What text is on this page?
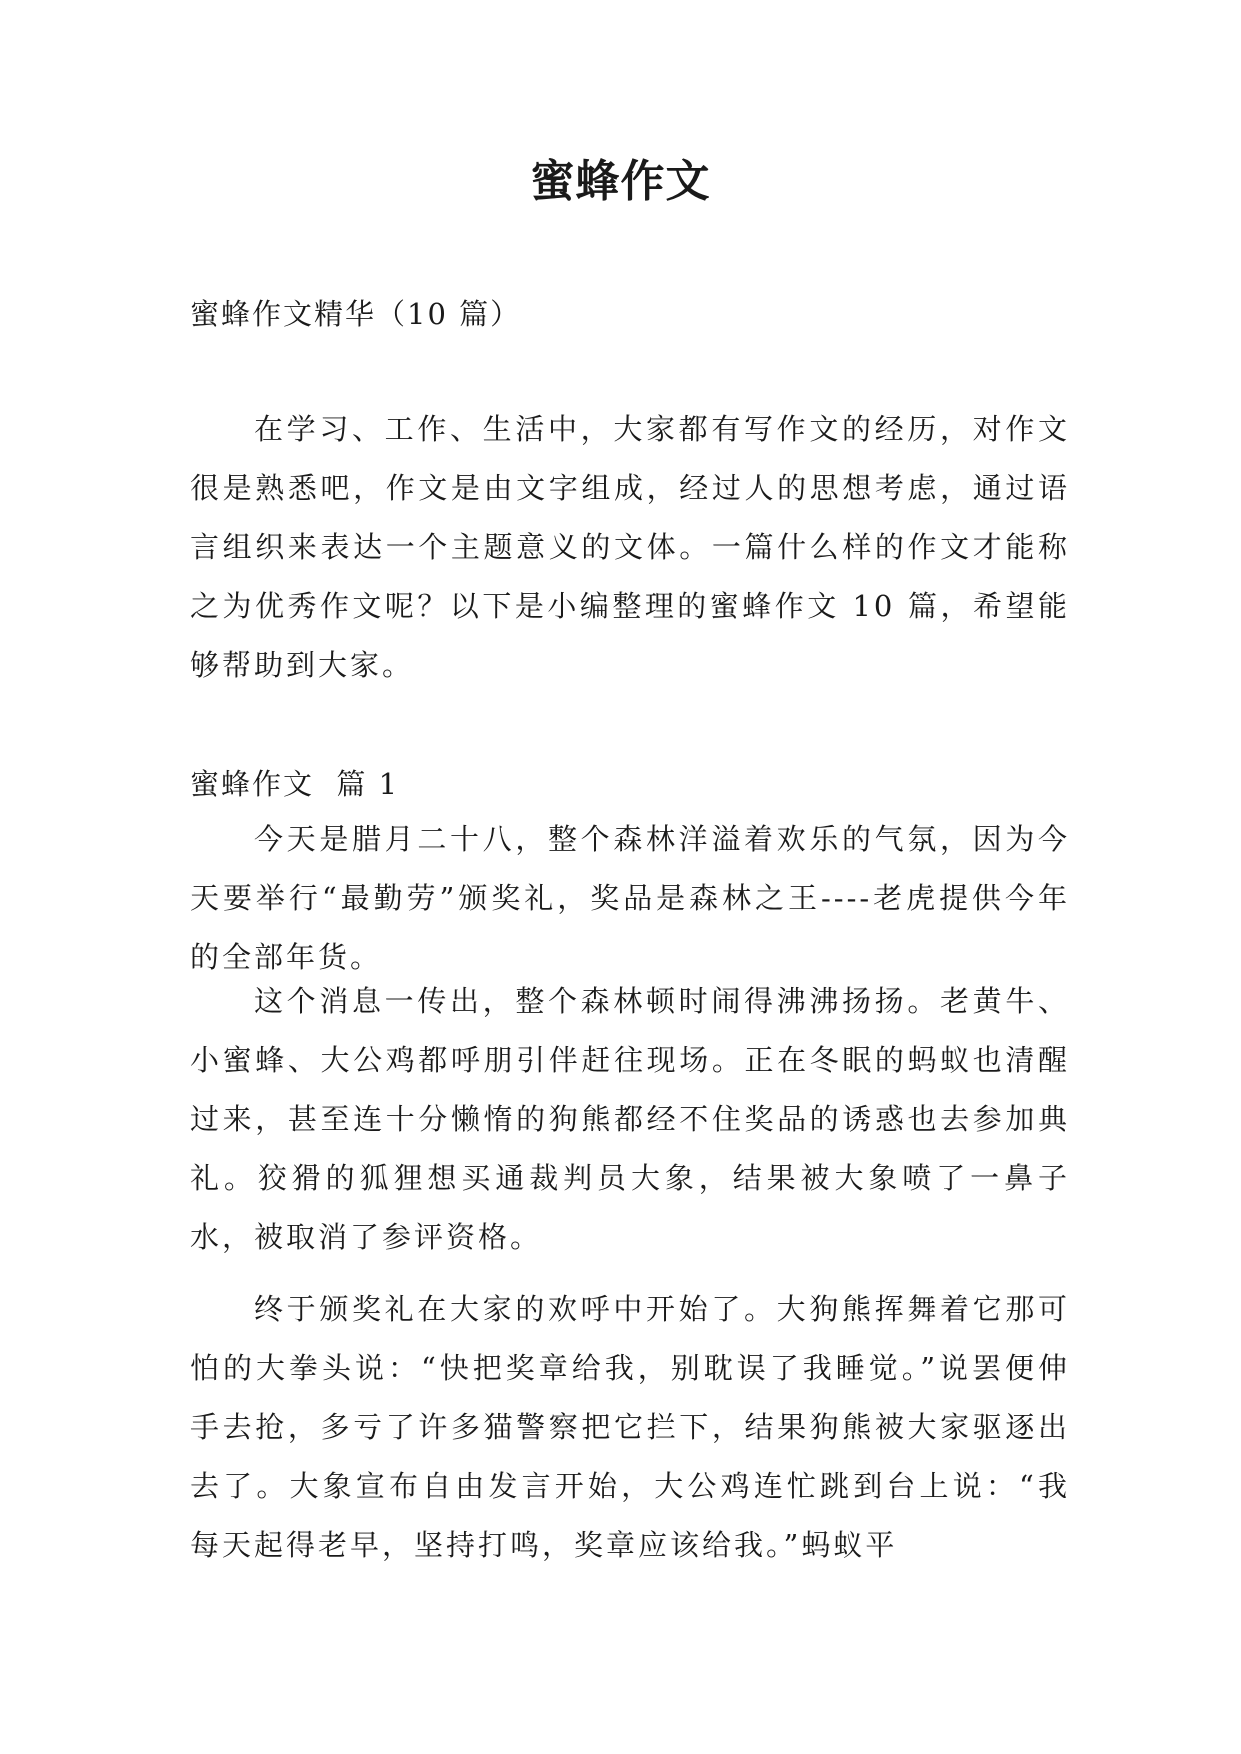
蜜蜂作文
蜜蜂作文精华（10 篇）

在学习、工作、生活中，大家都有写作文的经历，对作文很是熟悉吧，作文是由文字组成，经过人的思想考虑，通过语言组织来表达一个主题意义的文体。一篇什么样的作文才能称之为优秀作文呢？以下是小编整理的蜜蜂作文 10 篇，希望能够帮助到大家。

蜜蜂作文  篇 1

今天是腊月二十八，整个森林洋溢着欢乐的气氛，因为今天要举行“最勤劳”颁奖礼，奖品是森林之王----老虎提供今年的全部年货。

这个消息一传出，整个森林顿时闹得沸沸扬扬。老黄牛、小蜜蜂、大公鸡都呼朋引伴赶往现场。正在冬眠的蚂蚁也清醒过来，甚至连十分懒惰的狗熊都经不住奖品的诱惑也去参加典礼。狡猾的狐狸想买通裁判员大象，结果被大象喷了一鼻子水，被取消了参评资格。

终于颁奖礼在大家的欢呼中开始了。大狗熊挥舞着它那可怕的大拳头说：“快把奖章给我，别耽误了我睡觉。”说罢便伸手去抢，多亏了许多猫警察把它拦下，结果狗熊被大家驱逐出去了。大象宣布自由发言开始，大公鸡连忙跳到台上说：“我每天起得老早，坚持打鸣，奖章应该给我。”蚂蚁平
